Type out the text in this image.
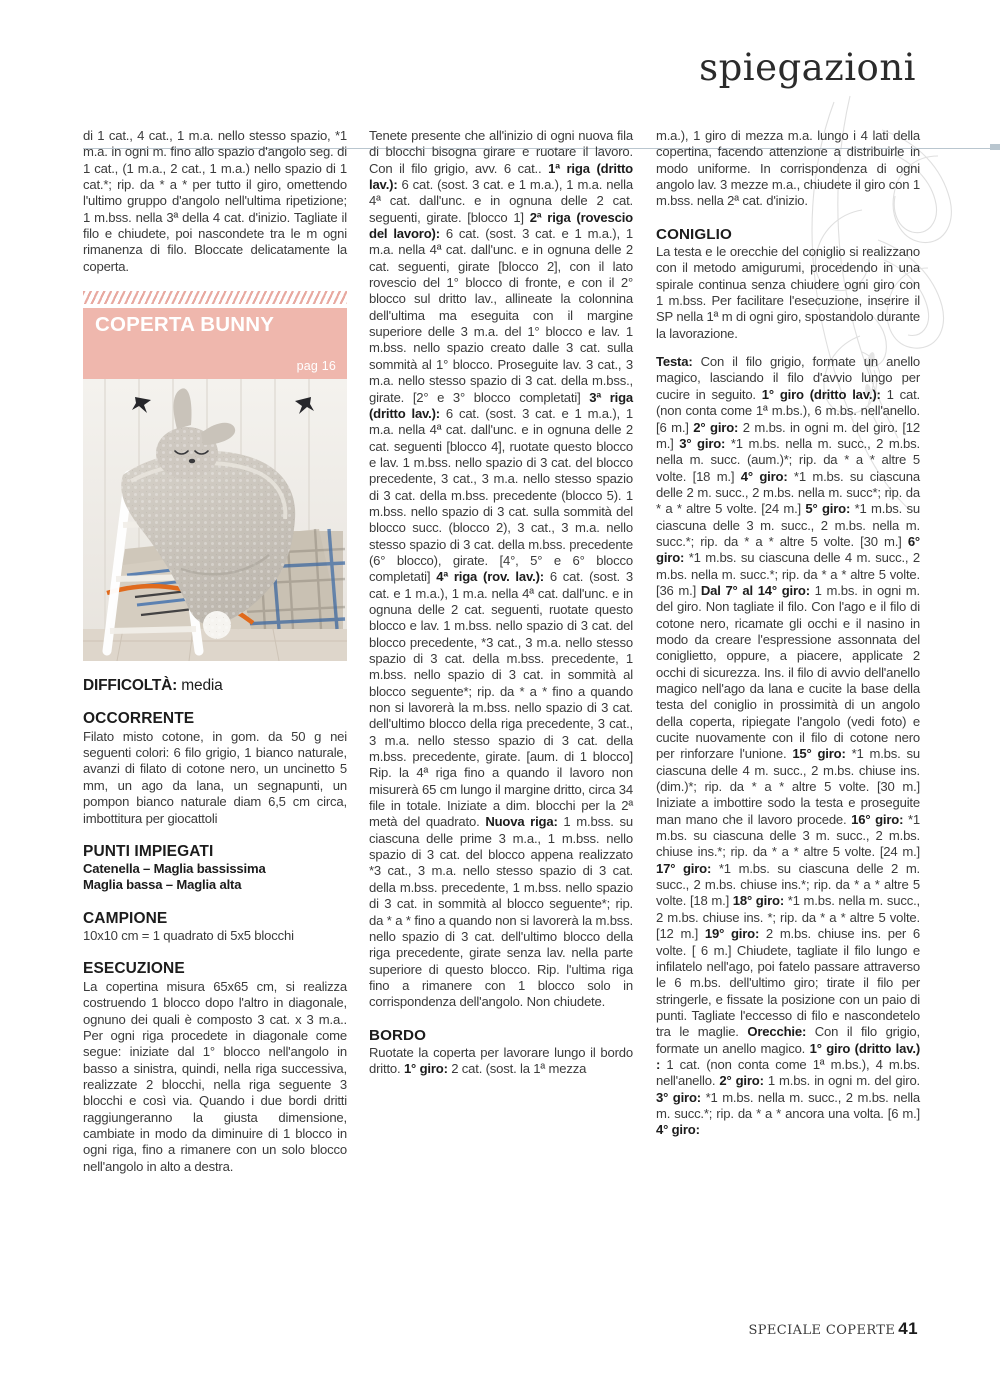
spiegazioni
di 1 cat., 4 cat., 1 m.a. nello stesso spazio, *1 m.a. in ogni m. fino allo spazio d'angolo seg. di 1 cat., (1 m.a., 2 cat., 1 m.a.) nello spazio di 1 cat.*; rip. da * a * per tutto il giro, omettendo l'ultimo gruppo d'angolo nell'ultima ripetizione; 1 m.bss. nella 3ª della 4 cat. d'inizio. Tagliate il filo e chiudete, poi nascondete tra le m ogni rimanenza di filo. Bloccate delicatamente la coperta.
COPERTA BUNNY
pag 16
DIFFICOLTÀ: media
OCCORRENTE
Filato misto cotone, in gom. da 50 g nei seguenti colori: 6 filo grigio, 1 bianco naturale, avanzi di filato di cotone nero, un uncinetto 5 mm, un ago da lana, un segnapunti, un pompon bianco naturale diam 6,5 cm circa, imbottitura per giocattoli
PUNTI IMPIEGATI
Catenella – Maglia bassissima
Maglia bassa – Maglia alta
CAMPIONE
10x10 cm = 1 quadrato di 5x5 blocchi
ESECUZIONE
La copertina misura 65x65 cm, si realizza costruendo 1 blocco dopo l'altro in diagonale, ognuno dei quali è composto 3 cat. x 3 m.a.. Per ogni riga procedete in diagonale come segue: iniziate dal 1° blocco nell'angolo in basso a sinistra, quindi, nella riga successiva, realizzate 2 blocchi, nella riga seguente 3 blocchi e così via. Quando i due bordi dritti raggiungeranno la giusta dimensione, cambiate in modo da diminuire di 1 blocco in ogni riga, fino a rimanere con un solo blocco nell'angolo in alto a destra.
Tenete presente che all'inizio di ogni nuova fila di blocchi bisogna girare e ruotare il lavoro. Con il filo grigio, avv. 6 cat.. 1ª riga (dritto lav.): 6 cat. (sost. 3 cat. e 1 m.a.), 1 m.a. nella 4ª cat. dall'unc. e in ognuna delle 2 cat. seguenti, girate. [blocco 1] 2ª riga (rovescio del lavoro): 6 cat. (sost. 3 cat. e 1 m.a.), 1 m.a. nella 4ª cat. dall'unc. e in ognuna delle 2 cat. seguenti, girate [blocco 2], con il lato rovescio del 1° blocco di fronte, e con il 2° blocco sul dritto lav., allineate la colonnina dell'ultima ma eseguita con il margine superiore delle 3 m.a. del 1° blocco e lav. 1 m.bss. nello spazio creato dalle 3 cat. sulla sommità al 1° blocco. Proseguite lav. 3 cat., 3 m.a. nello stesso spazio di 3 cat. della m.bss., girate. [2° e 3° blocco completati] 3ª riga (dritto lav.): 6 cat. (sost. 3 cat. e 1 m.a.), 1 m.a. nella 4ª cat. dall'unc. e in ognuna delle 2 cat. seguenti [blocco 4], ruotate questo blocco e lav. 1 m.bss. nello spazio di 3 cat. del blocco precedente, 3 cat., 3 m.a. nello stesso spazio di 3 cat. della m.bss. precedente (blocco 5). 1 m.bss. nello spazio di 3 cat. sulla sommità del blocco succ. (blocco 2), 3 cat., 3 m.a. nello stesso spazio di 3 cat. della m.bss. precedente (6° blocco), girate. [4°, 5° e 6° blocco completati] 4ª riga (rov. lav.): 6 cat. (sost. 3 cat. e 1 m.a.), 1 m.a. nella 4ª cat. dall'unc. e in ognuna delle 2 cat. seguenti, ruotate questo blocco e lav. 1 m.bss. nello spazio di 3 cat. del blocco precedente, *3 cat., 3 m.a. nello stesso spazio di 3 cat. della m.bss. precedente, 1 m.bss. nello spazio di 3 cat. in sommità al blocco seguente*; rip. da * a * fino a quando non si lavorerà la m.bss. nello spazio di 3 cat. dell'ultimo blocco della riga precedente, 3 cat., 3 m.a. nello stesso spazio di 3 cat. della m.bss. precedente, girate. [aum. di 1 blocco] Rip. la 4ª riga fino a quando il lavoro non misurerà 65 cm lungo il margine dritto, circa 34 file in totale. Iniziate a dim. blocchi per la 2ª metà del quadrato. Nuova riga: 1 m.bss. su ciascuna delle prime 3 m.a., 1 m.bss. nello spazio di 3 cat. del blocco appena realizzato *3 cat., 3 m.a. nello stesso spazio di 3 cat. della m.bss. precedente, 1 m.bss. nello spazio di 3 cat. in sommità al blocco seguente*; rip. da * a * fino a quando non si lavorerà la m.bss. nello spazio di 3 cat. dell'ultimo blocco della riga precedente, girate senza lav. nella parte superiore di questo blocco. Rip. l'ultima riga fino a rimanere con 1 blocco solo in corrispondenza dell'angolo. Non chiudete.
BORDO
Ruotate la coperta per lavorare lungo il bordo dritto. 1° giro: 2 cat. (sost. la 1ª mezza
m.a.), 1 giro di mezza m.a. lungo i 4 lati della copertina, facendo attenzione a distribuirle in modo uniforme. In corrispondenza di ogni angolo lav. 3 mezze m.a., chiudete il giro con 1 m.bss. nella 2ª cat. d'inizio.
CONIGLIO
La testa e le orecchie del coniglio si realizzano con il metodo amigurumi, procedendo in una spirale continua senza chiudere ogni giro con 1 m.bss. Per facilitare l'esecuzione, inserire il SP nella 1ª m di ogni giro, spostandolo durante la lavorazione.
Testa: Con il filo grigio, formate un anello magico, lasciando il filo d'avvio lungo per cucire in seguito. 1° giro (dritto lav.): 1 cat. (non conta come 1ª m.bs.), 6 m.bs. nell'anello. [6 m.] 2° giro: 2 m.bs. in ogni m. del giro. [12 m.] 3° giro: *1 m.bs. nella m. succ., 2 m.bs. nella m. succ. (aum.)*; rip. da * a * altre 5 volte. [18 m.] 4° giro: *1 m.bs. su ciascuna delle 2 m. succ., 2 m.bs. nella m. succ*; rip. da * a * altre 5 volte. [24 m.] 5° giro: *1 m.bs. su ciascuna delle 3 m. succ., 2 m.bs. nella m. succ.*; rip. da * a * altre 5 volte. [30 m.] 6° giro: *1 m.bs. su ciascuna delle 4 m. succ., 2 m.bs. nella m. succ.*; rip. da * a * altre 5 volte. [36 m.] Dal 7° al 14° giro: 1 m.bs. in ogni m. del giro. Non tagliate il filo. Con l'ago e il filo di cotone nero, ricamate gli occhi e il nasino in modo da creare l'espressione assonnata del coniglietto, oppure, a piacere, applicate 2 occhi di sicurezza. Ins. il filo di avvio dell'anello magico nell'ago da lana e cucite la base della testa del coniglio in prossimità di un angolo della coperta, ripiegate l'angolo (vedi foto) e cucite nuovamente con il filo di cotone nero per rinforzare l'unione. 15° giro: *1 m.bs. su ciascuna delle 4 m. succ., 2 m.bs. chiuse ins. (dim.)*; rip. da * a * altre 5 volte. [30 m.] Iniziate a imbottire sodo la testa e proseguite man mano che il lavoro procede. 16° giro: *1 m.bs. su ciascuna delle 3 m. succ., 2 m.bs. chiuse ins.*; rip. da * a * altre 5 volte. [24 m.] 17° giro: *1 m.bs. su ciascuna delle 2 m. succ., 2 m.bs. chiuse ins.*; rip. da * a * altre 5 volte. [18 m.] 18° giro: *1 m.bs. nella m. succ., 2 m.bs. chiuse ins. *; rip. da * a * altre 5 volte. [12 m.] 19° giro: 2 m.bs. chiuse ins. per 6 volte. [ 6 m.] Chiudete, tagliate il filo lungo e infilatelo nell'ago, poi fatelo passare attraverso le 6 m.bs. dell'ultimo giro; tirate il filo per stringerle, e fissate la posizione con un paio di punti. Tagliate l'eccesso di filo e nascondetelo tra le maglie. Orecchie: Con il filo grigio, formate un anello magico. 1° giro (dritto lav.) : 1 cat. (non conta come 1ª m.bs.), 4 m.bs. nell'anello. 2° giro: 1 m.bs. in ogni m. del giro. 3° giro: *1 m.bs. nella m. succ., 2 m.bs. nella m. succ.*; rip. da * a * ancora una volta. [6 m.] 4° giro:
SPECIALE COPERTE 41
